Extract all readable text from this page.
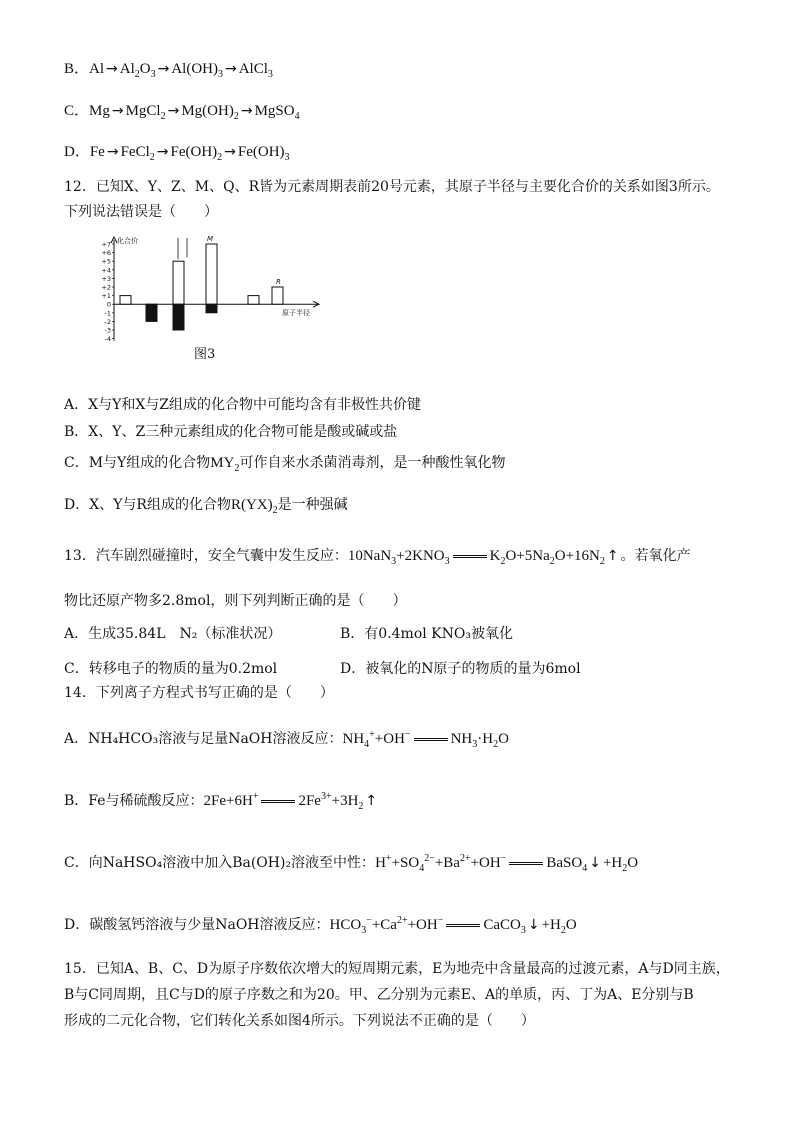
B．$Al \to Al_2O_3 \to Al(OH)_3$ → AlCl$_3$
C．Mg → MgCl$_2$ → $Mg(OH)_2$ → MgSO$_4$
D．Fe → FeCl$_2$ → $Fe(OH)_2 \to Fe(OH)_3$
12．已知X、Y、Z、M、Q、R皆为元素周期表前20号元素，其原子半径与主要化合价的关系如图3所示。
下列说法错误是（　　）
+7
+6
+5
+4
+3
+2
+1
0
-1
-2
-3
-4
化合价
原子半径
M
R
图3
A．X与Y和X与Z组成的化合物中可能均含有非极性共价键
B．X、Y、Z三种元素组成的化合物可能是酸或碱或盐
C．M与Y组成的化合物$MY_2$可作自来水杀菌消毒剂，是一种酸性氧化物
D．X、Y与R组成的化合物$R(YX)_2$是一种强碱
13．汽车剧烈碰撞时，安全气囊中发生反应：$10NaN_3+2KNO_3$	$K_2O+5Na_2O+16N_2$ ↑ 。若氧化产
物比还原产物多2.8mol，则下列判断正确的是（　　）
A．生成35.84L　N₂（标准状况）	B．有0.4mol KNO₃被氧化
C．转移电子的物质的量为0.2mol	D．被氧化的N原子的物质的量为6mol
14．下列离子方程式书写正确的是（　　）
A．NH₄HCO₃溶液与足量NaOH溶液反应：$NH_4^++OH^-$	$NH_3\cdot H_2O$
B．Fe与稀硫酸反应：2Fe+6H+	$2Fe^{3+}+3H_2$ ↑
C．向NaHSO₄溶液中加入Ba(OH)₂溶液至中性：$H^++SO_4^{2-}+Ba^{2+}+OH^-$	BaSO$_4$ ↓ $+H_2O$
D．碳酸氢钙溶液与少量NaOH溶液反应：$HCO_3^-+Ca^{2+}+OH^-$	CaCO$_3$ ↓ $+H_2O$
15．已知A、B、C、D为原子序数依次增大的短周期元素，E为地壳中含量最高的过渡元素，A与D同主族，
B与C同周期，且C与D的原子序数之和为20。甲、乙分别为元素E、A的单质，丙、丁为A、E分别与B
形成的二元化合物，它们转化关系如图4所示。下列说法不正确的是（　　）
